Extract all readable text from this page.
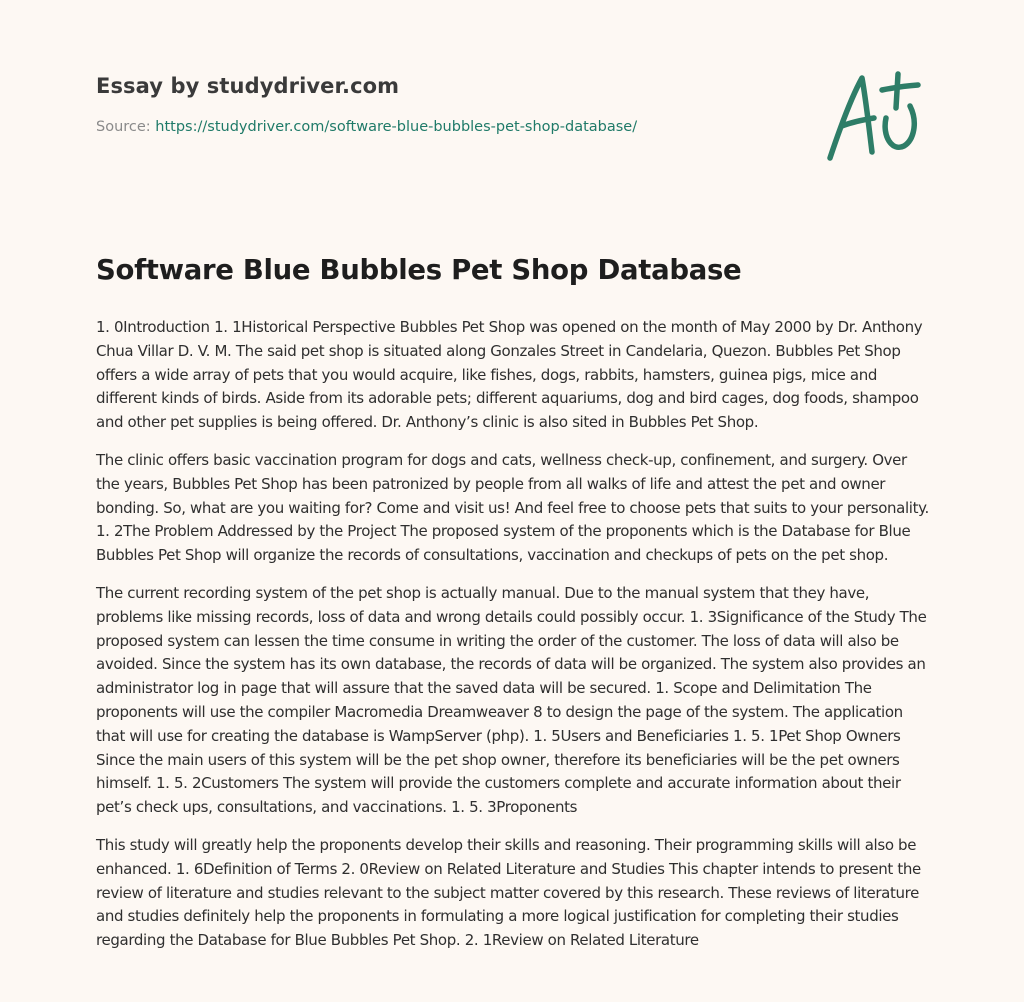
Essay by studydriver.com
Source: https://studydriver.com/software-blue-bubbles-pet-shop-database/
Software Blue Bubbles Pet Shop Database

1. 0Introduction 1. 1Historical Perspective Bubbles Pet Shop was opened on the month of May 2000 by Dr. Anthony Chua Villar D. V. M. The said pet shop is situated along Gonzales Street in Candelaria, Quezon. Bubbles Pet Shop offers a wide array of pets that you would acquire, like fishes, dogs, rabbits, hamsters, guinea pigs, mice and different kinds of birds. Aside from its adorable pets; different aquariums, dog and bird cages, dog foods, shampoo and other pet supplies is being offered. Dr. Anthony’s clinic is also sited in Bubbles Pet Shop.

The clinic offers basic vaccination program for dogs and cats, wellness check-up, confinement, and surgery. Over the years, Bubbles Pet Shop has been patronized by people from all walks of life and attest the pet and owner bonding. So, what are you waiting for? Come and visit us! And feel free to choose pets that suits to your personality. 1. 2The Problem Addressed by the Project The proposed system of the proponents which is the Database for Blue Bubbles Pet Shop will organize the records of consultations, vaccination and checkups of pets on the pet shop.

The current recording system of the pet shop is actually manual. Due to the manual system that they have, problems like missing records, loss of data and wrong details could possibly occur. 1. 3Significance of the Study The proposed system can lessen the time consume in writing the order of the customer. The loss of data will also be avoided. Since the system has its own database, the records of data will be organized. The system also provides an administrator log in page that will assure that the saved data will be secured. 1. Scope and Delimitation The proponents will use the compiler Macromedia Dreamweaver 8 to design the page of the system. The application that will use for creating the database is WampServer (php). 1. 5Users and Beneficiaries 1. 5. 1Pet Shop Owners Since the main users of this system will be the pet shop owner, therefore its beneficiaries will be the pet owners himself. 1. 5. 2Customers The system will provide the customers complete and accurate information about their pet’s check ups, consultations, and vaccinations. 1. 5. 3Proponents

This study will greatly help the proponents develop their skills and reasoning. Their programming skills will also be enhanced. 1. 6Definition of Terms 2. 0Review on Related Literature and Studies This chapter intends to present the review of literature and studies relevant to the subject matter covered by this research. These reviews of literature and studies definitely help the proponents in formulating a more logical justification for completing their studies regarding the Database for Blue Bubbles Pet Shop. 2. 1Review on Related Literature
